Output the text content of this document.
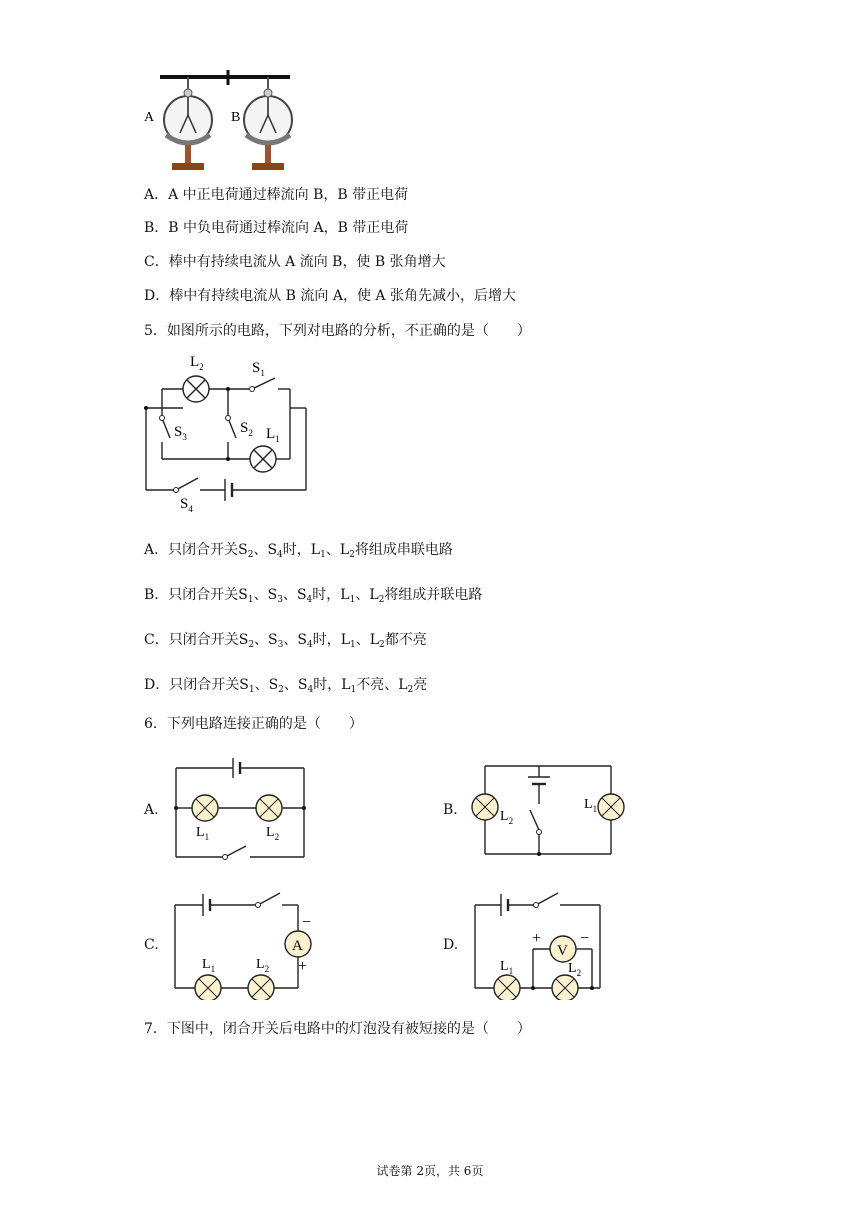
A	B
A．A 中正电荷通过棒流向 B，B 带正电荷
B．B 中负电荷通过棒流向 A，B 带正电荷
C．棒中有持续电流从 A 流向 B，使 B 张角增大
D．棒中有持续电流从 B 流向 A，使 A 张角先减小，后增大
5．如图所示的电路，下列对电路的分析，不正确的是（　　）
$L_2$	$S_1$
$S_3$
$S_2$ $L_1$
$S_4$
A．只闭合开关$S_2$、$S_4$时，$L_1$、$L_2$将组成串联电路
B．只闭合开关$S_1$、$S_3$、$S_4$时，$L_1$、$L_2$将组成并联电路
C．只闭合开关$S_2$、$S_3$、$S_4$时，$L_1$、$L_2$都不亮
D．只闭合开关$S_1$、$S_2$、$S_4$时，$L_1$不亮、$L_2$亮
6．下列电路连接正确的是（　　）
A.	B.
C.	D.
$L_1$	$L_2$
$L_2$
$L_1$
A
−
+
$L_1$	$L_2$
V
+ −
$L_1$	$L_2$
7．下图中，闭合开关后电路中的灯泡没有被短接的是（　　）
试卷第 2页，共 6页
